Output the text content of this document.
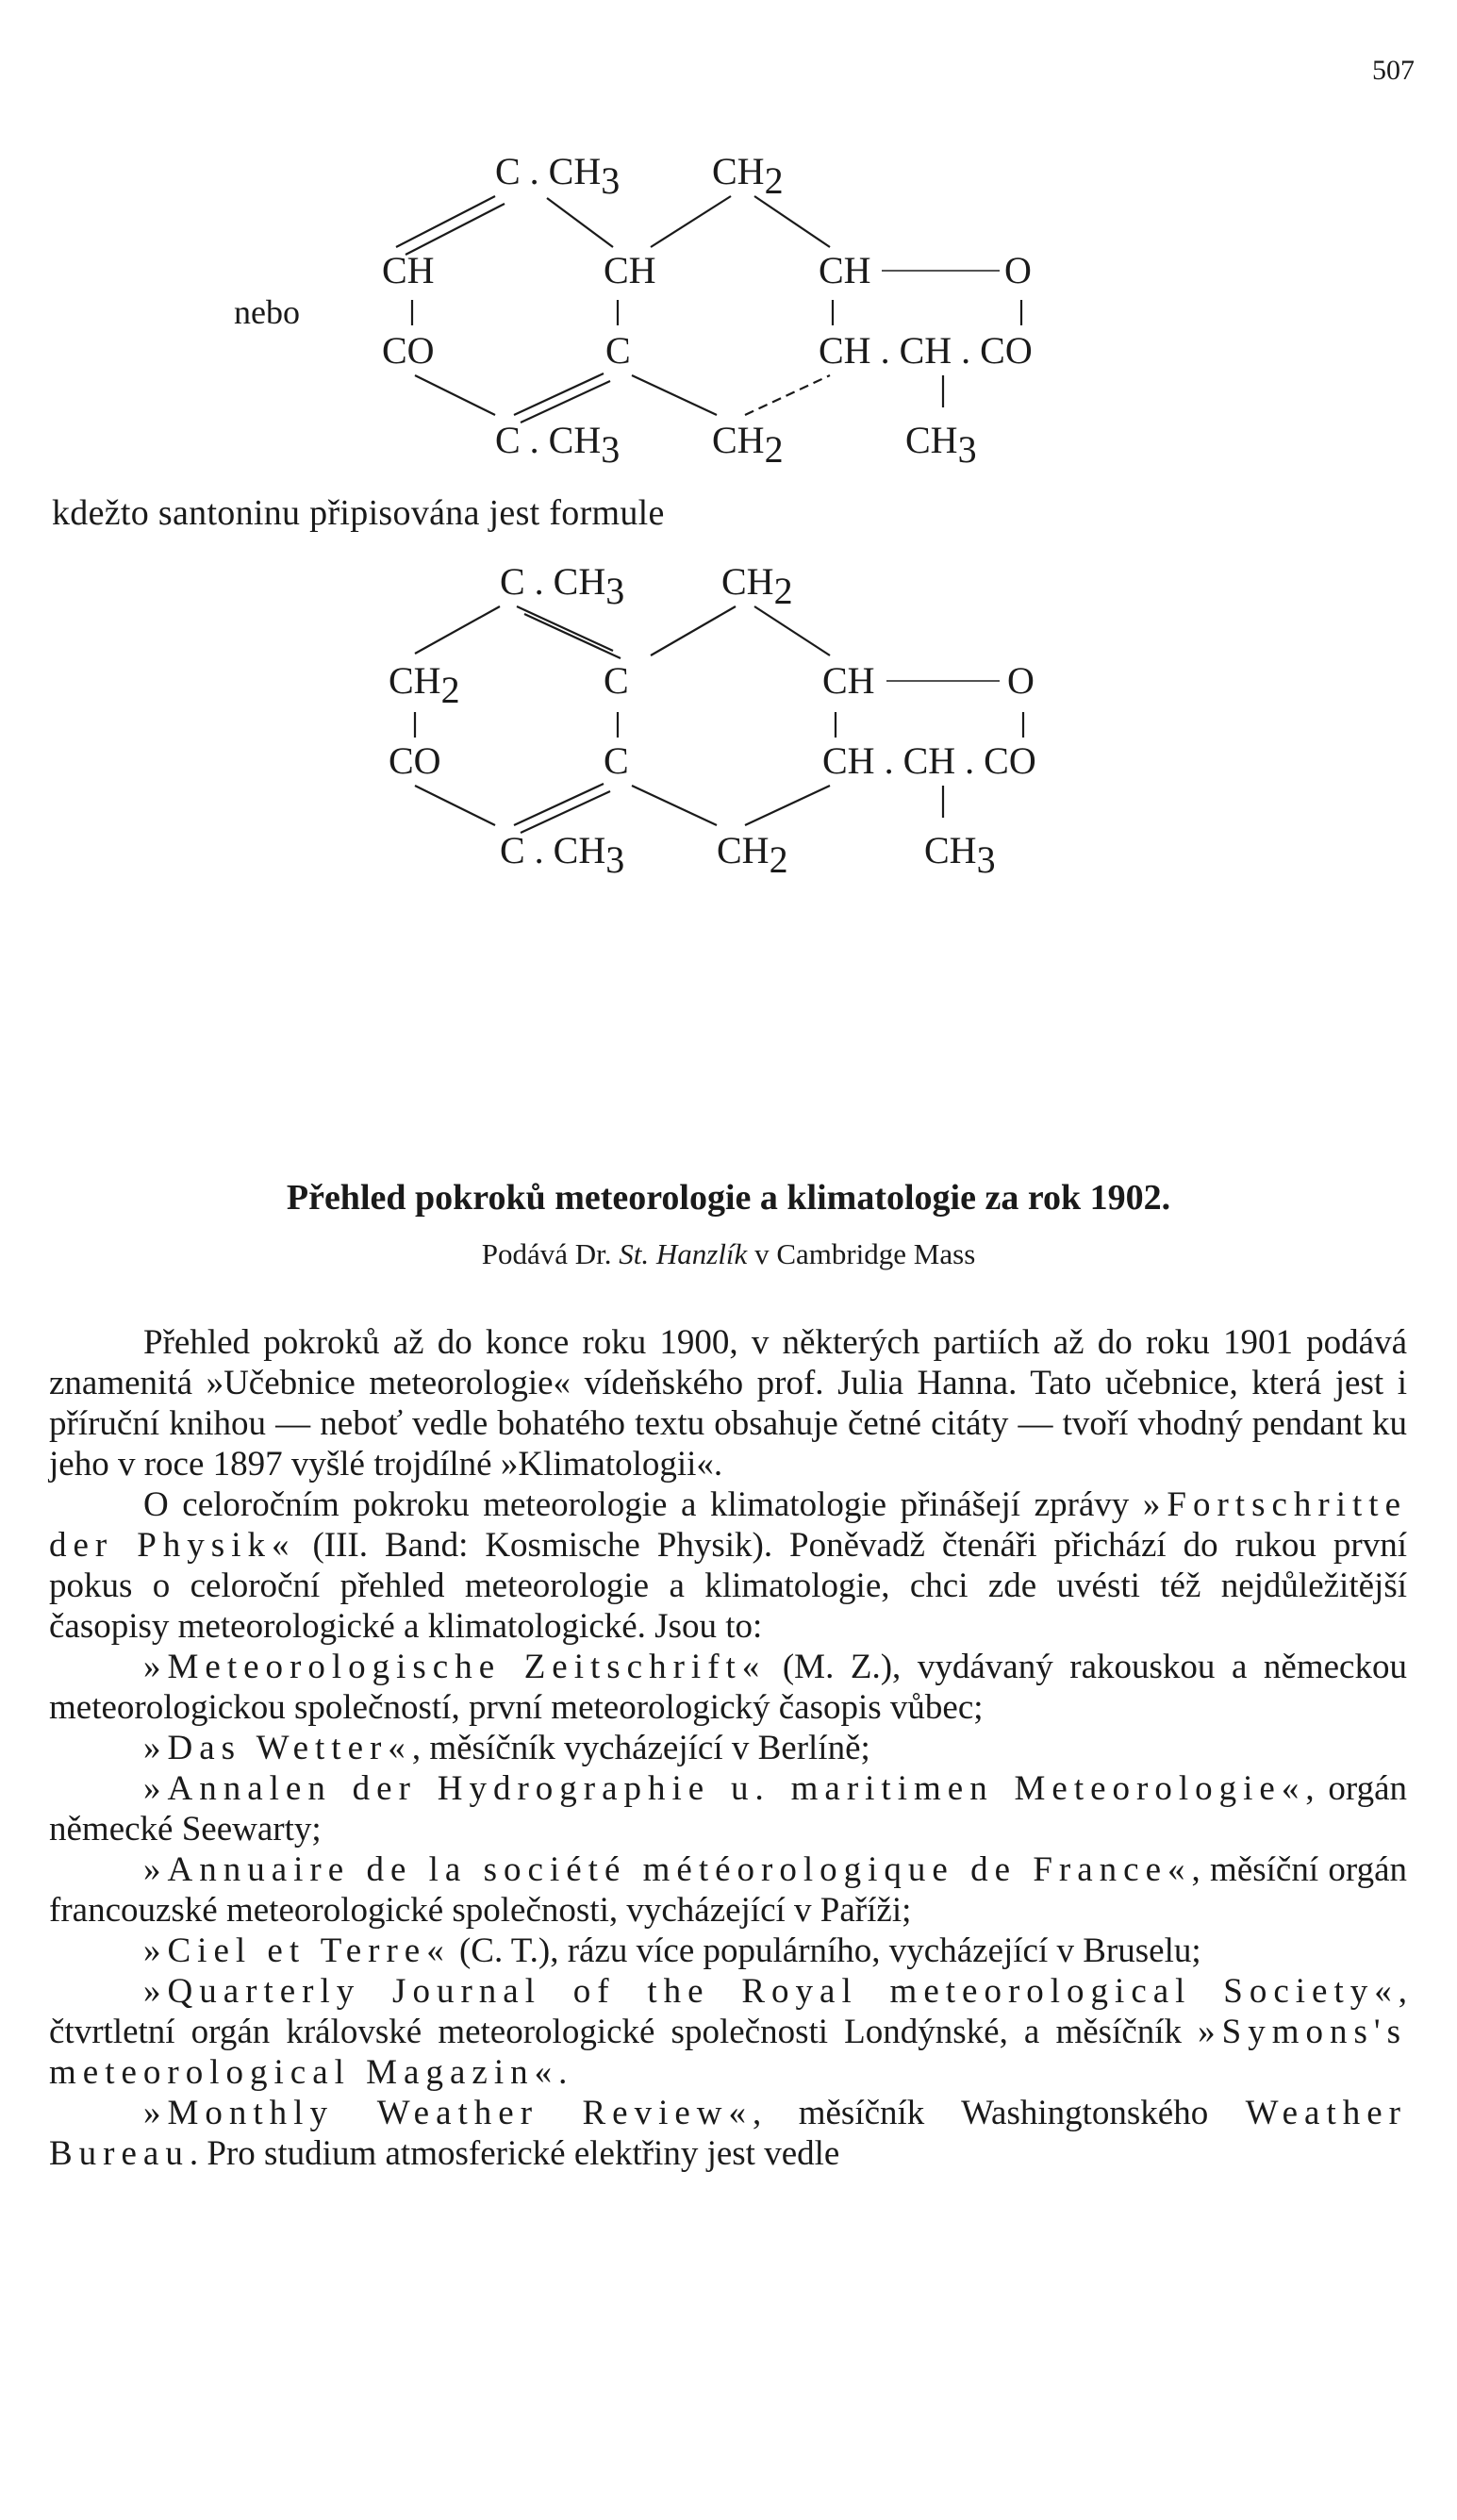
507
nebo
C . CH3 CH2
CH	CH	CH	O
CO	C	CH . CH . CO
C . CH3 CH2	CH3
kdežto santoninu připisována jest formule
C . CH3	CH2
CH2	C	CH	O
CO	C	CH . CH . CO
C . CH3 CH2	CH3
Přehled pokroků meteorologie a klimatologie za rok 1902.
Podává Dr. St. Hanzlík v Cambridge Mass

Přehled pokroků až do konce roku 1900, v některých partiích až do roku 1901 podává znamenitá »Učebnice meteorologie« vídeňského prof. Julia Hanna. Tato učebnice, která jest i příruční knihou — neboť vedle bohatého textu obsahuje četné citáty — tvoří vhodný pendant ku jeho v roce 1897 vyšlé trojdílné »Klimatologii«.

O celoročním pokroku meteorologie a klimatologie přinášejí zprávy »Fortschritte der Physik« (III. Band: Kosmische Physik). Poněvadž čtenáři přichází do rukou první pokus o celoroční přehled meteorologie a klimatologie, chci zde uvésti též nejdůležitější časopisy meteorologické a klimatologické. Jsou to:

»Meteorologische Zeitschrift« (M. Z.), vydávaný rakouskou a německou meteorologickou společností, první meteorologický časopis vůbec;

»Das Wetter«, měsíčník vycházející v Berlíně;

»Annalen der Hydrographie u. maritimen Meteorologie«, orgán německé Seewarty;

»Annuaire de la société météorologique de France«, měsíční orgán francouzské meteorologické společnosti, vycházející v Paříži;

»Ciel et Terre« (C. T.), rázu více populárního, vycházející v Bruselu;

»Quarterly Journal of the Royal meteorological Society«, čtvrtletní orgán královské meteorologické společnosti Londýnské, a měsíčník »Symons's meteorological Magazin«.

»Monthly Weather Review«, měsíčník Washingtonského Weather Bureau. Pro studium atmosferické elektřiny jest vedle
